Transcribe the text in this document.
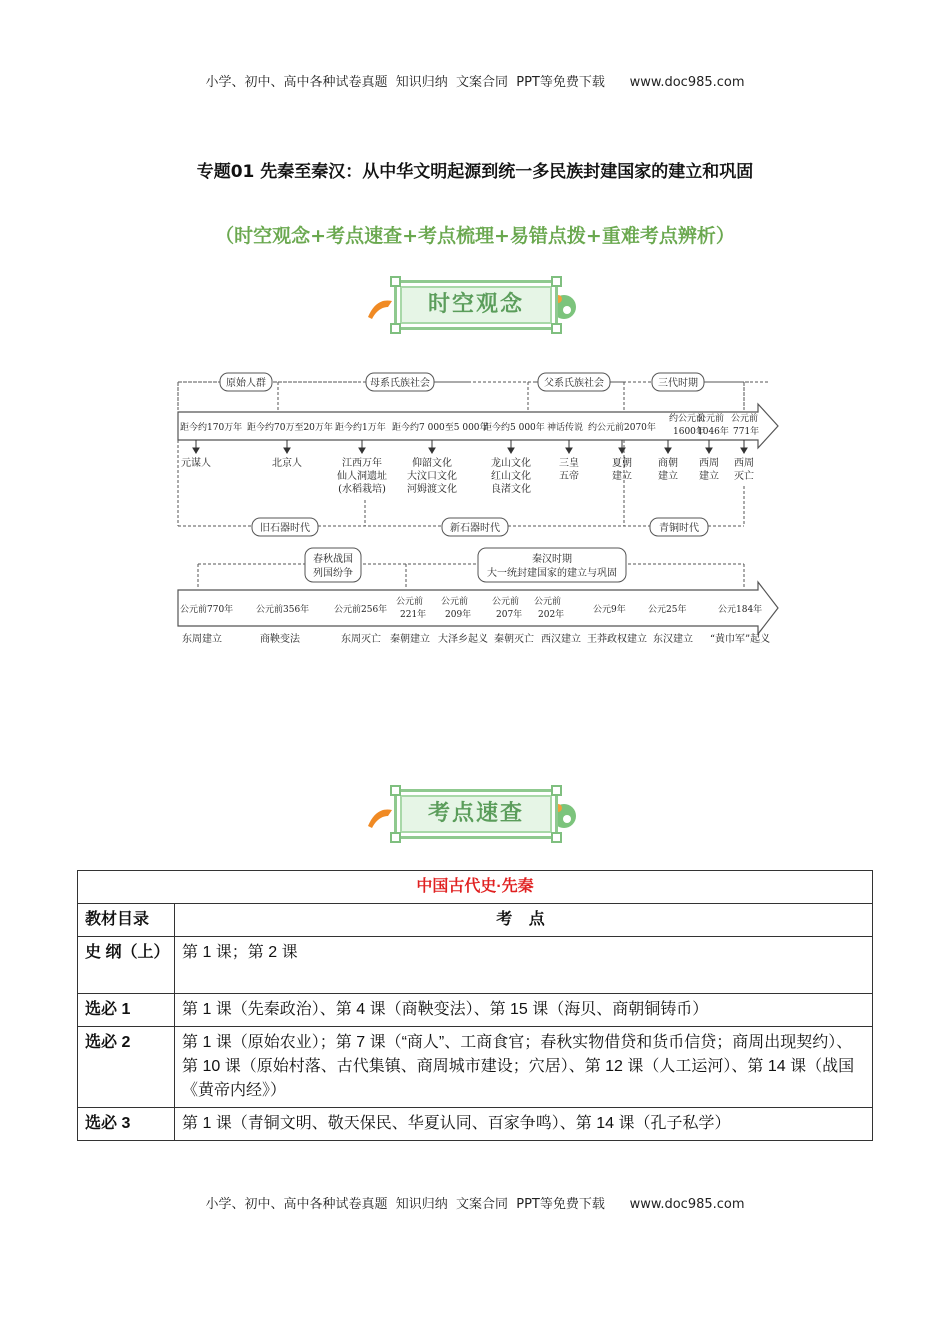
小学、初中、高中各种试卷真题  知识归纳  文案合同  PPT等免费下载      www.doc985.com
专题01 先秦至秦汉：从中华文明起源到统一多民族封建国家的建立和巩固
（时空观念+考点速查+考点梳理+易错点拨+重难考点辨析）
时空观念
原始人群	母系氏族社会	父系氏族社会	三代时期
距今约170万年 距今约70万至20万年 距今约1万年 距今约7 000至5 000年
距今约5 000年 神话传说 约公元前2070年
约公元前
1600年
公元前
1046年
公元前
771年
元谋人	北京人	江西万年
仙人洞遗址
(水稻栽培)
仰韶文化
大汶口文化
河姆渡文化
龙山文化
红山文化
良渚文化
三皇
五帝
夏朝
建立
商朝
建立
西周
建立
西周
灭亡
旧石器时代	新石器时代	青铜时代
春秋战国
列国纷争
秦汉时期
大一统封建国家的建立与巩固
公元前770年	公元前356年	公元前256年
公元前
221年
公元前
209年
公元前
207年
公元前
202年	公元9年 公元25年	公元184年
东周建立	商鞅变法	东周灭亡 秦朝建立 大泽乡起义 秦朝灭亡 西汉建立 王莽政权建立 东汉建立 “黄巾军”起义
考点速查
中国古代史·先秦	
教材目录	考 点
史 纲（上）	第 1 课；第 2 课
选必 1	第 1 课（先秦政治）、第 4 课（商鞅变法）、第 15 课（海贝、商朝铜铸币）
选必 2	第 1 课（原始农业）；第 7 课（“商人”、工商食官；春秋实物借贷和货币信贷；商周出现契约）、第 10 课（原始村落、古代集镇、商周城市建设；穴居）、第 12 课（人工运河）、第 14 课（战国《黄帝内经》）
选必 3	第 1 课（青铜文明、敬天保民、华夏认同、百家争鸣）、第 14 课（孔子私学）
小学、初中、高中各种试卷真题  知识归纳  文案合同  PPT等免费下载      www.doc985.com
